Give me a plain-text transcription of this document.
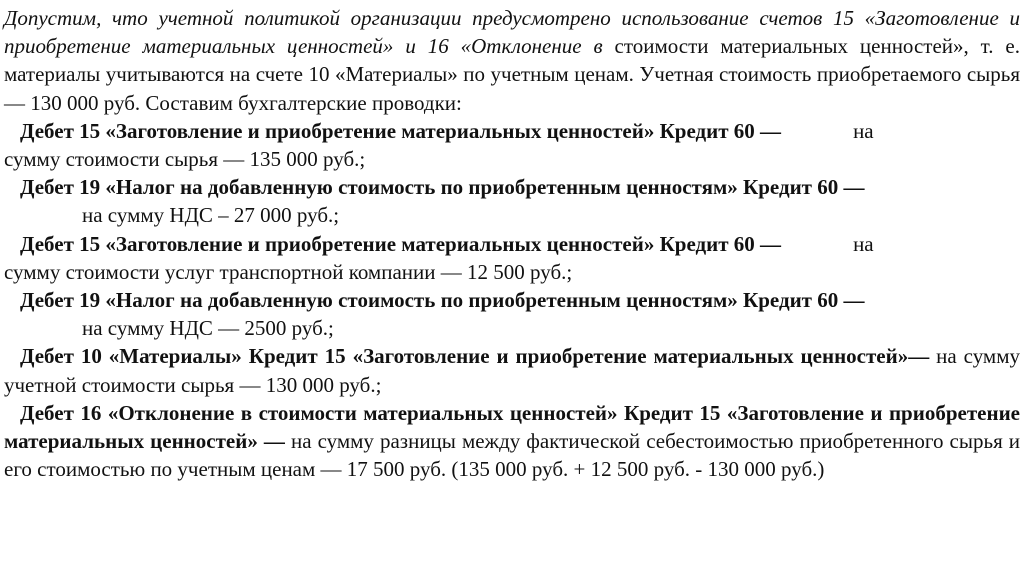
Допустим, что учетной политикой организации предусмотрено использование счетов 15 «Заготовление и приобретение материальных ценностей» и 16 «Отклонение в стоимости материальных ценностей», т. е. материалы учитываются на счете 10 «Материалы» по учетным ценам. Учетная стоимость приобретаемого сырья — 130 000 руб. Составим бухгалтерские проводки:

Дебет 15 «Заготовление и приобретение материальных ценностей» Кредит 60 —	на

сумму стоимости сырья — 135 000 руб.;

Дебет 19 «Налог на добавленную стоимость по приобретенным ценностям» Кредит 60 —

на сумму НДС – 27 000 руб.;

Дебет 15 «Заготовление и приобретение материальных ценностей» Кредит 60 —	на

сумму стоимости услуг транспортной компании — 12 500 руб.;

Дебет 19 «Налог на добавленную стоимость по приобретенным ценностям» Кредит 60 —

на сумму НДС — 2500 руб.;

Дебет 10 «Материалы» Кредит 15 «Заготовление и приобретение материальных ценностей»— на сумму учетной стоимости сырья — 130 000 руб.;

Дебет 16 «Отклонение в стоимости материальных ценностей» Кредит 15 «Заготовление и приобретение материальных ценностей» — на сумму разницы между фактической себестоимостью приобретенного сырья и его стоимостью по учетным ценам — 17 500 руб. (135 000 руб. + 12 500 руб. - 130 000 руб.)
